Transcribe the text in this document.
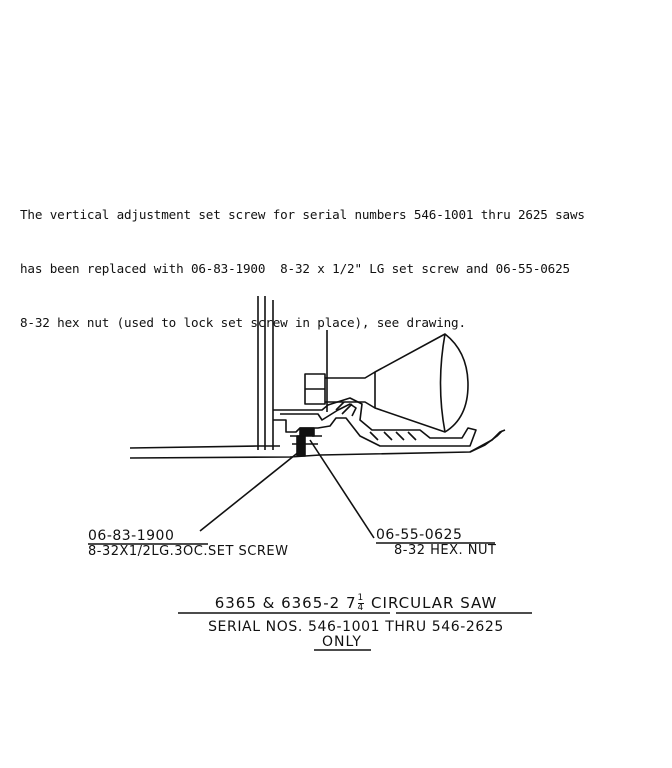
The vertical adjustment set screw for serial numbers 546-1001 thru 2625 saws

has been replaced with 06-83-1900  8-32 x 1/2" LG set screw and 06-55-0625

8-32 hex nut (used to lock set screw in place), see drawing.

06-83-1900
8-32X1/2LG.3OC.SET SCREW
06-55-0625
8-32 HEX. NUT
6365 & 6365-2 $7 \frac{1}{4}$ CIRCULAR SAW
SERIAL NOS. 546-1001 THRU 546-2625
ONLY
